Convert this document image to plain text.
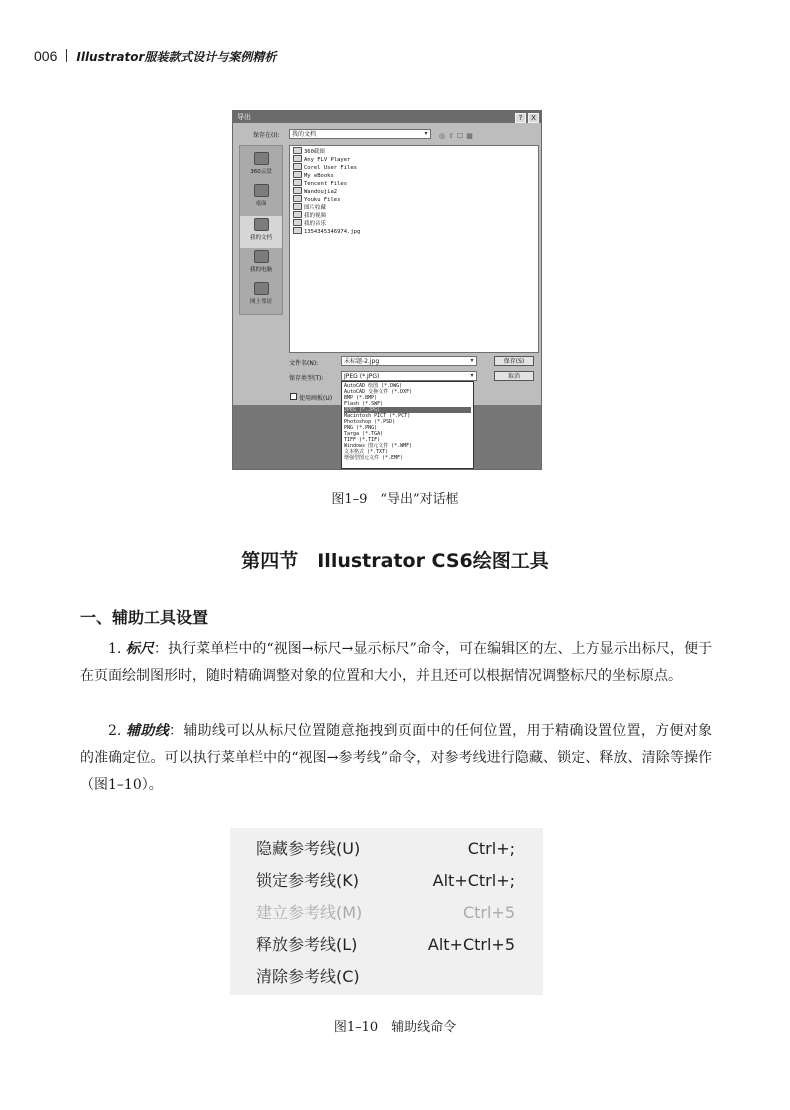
006 Illustrator服装款式设计与案例精析
导出	?	X
保存在(I):	我的文档	▾	◎⇧☐▦
360云盘
桌面
我的文档
我的电脑
网上邻居
360截图
Any FLV Player
Corel User Files
My eBooks
Tencent Files
Wandoujia2
Youku Files
图片收藏
我的视频
我的音乐
1354345346974.jpg
文件名(N):	未标题-2.jpg	▾	保存(S)
保存类型(T):	JPEG (*.JPG)	▾	取消
使用画板(U)
AutoCAD 绘图 (*.DWG)
AutoCAD 交换文件 (*.DXF)
BMP (*.BMP)
Flash (*.SWF)
JPEG (*.JPG)
Macintosh PICT (*.PCT)
Photoshop (*.PSD)
PNG (*.PNG)
Targa (*.TGA)
TIFF (*.TIF)
Windows 图元文件 (*.WMF)
文本格式 (*.TXT)
增强型图元文件 (*.EMF)
图1–9　“导出”对话框
第四节　Illustrator CS6绘图工具
一、辅助工具设置
1. 标尺：执行菜单栏中的“视图→标尺→显示标尺”命令，可在编辑区的左、上方显示出标尺，便于在页面绘制图形时，随时精确调整对象的位置和大小，并且还可以根据情况调整标尺的坐标原点。
2. 辅助线：辅助线可以从标尺位置随意拖拽到页面中的任何位置，用于精确设置位置，方便对象的准确定位。可以执行菜单栏中的“视图→参考线”命令，对参考线进行隐藏、锁定、释放、清除等操作（图1–10）。
隐藏参考线(U)	Ctrl+;
锁定参考线(K)	Alt+Ctrl+;
建立参考线(M)	Ctrl+5
释放参考线(L)	Alt+Ctrl+5
清除参考线(C)
图1–10　辅助线命令
